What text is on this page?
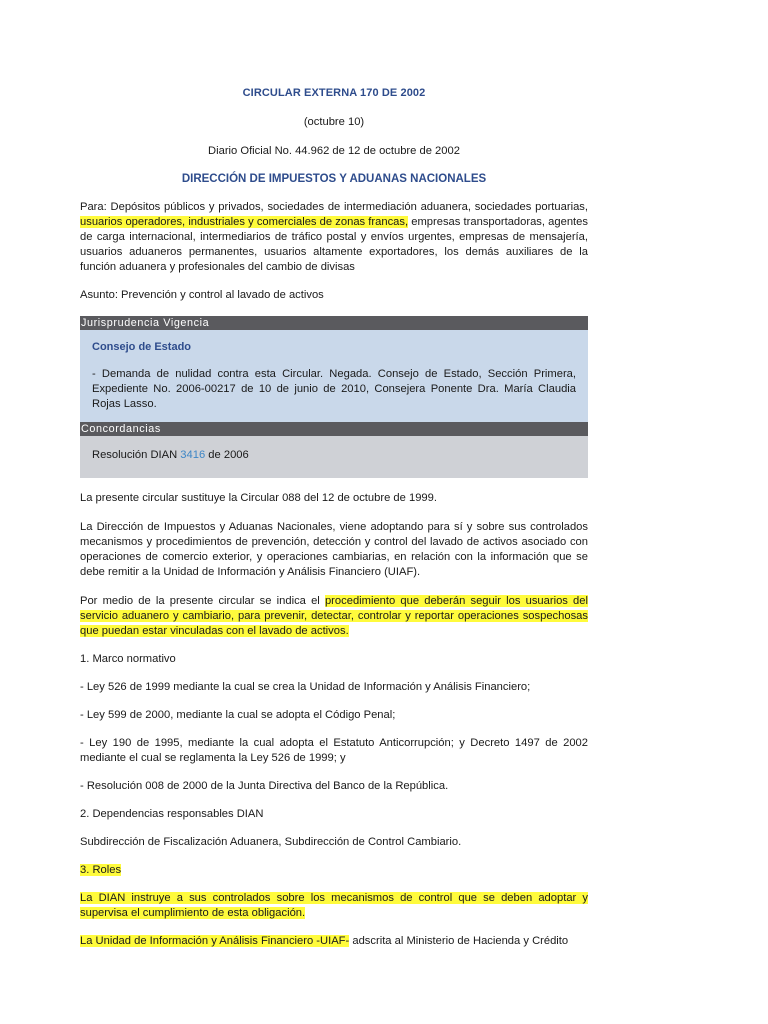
CIRCULAR EXTERNA 170 DE 2002

(octubre 10)

Diario Oficial No. 44.962 de 12 de octubre de 2002

DIRECCIÓN DE IMPUESTOS Y ADUANAS NACIONALES

Para: Depósitos públicos y privados, sociedades de intermediación aduanera, sociedades portuarias, usuarios operadores, industriales y comerciales de zonas francas, empresas transportadoras, agentes de carga internacional, intermediarios de tráfico postal y envíos urgentes, empresas de mensajería, usuarios aduaneros permanentes, usuarios altamente exportadores, los demás auxiliares de la función aduanera y profesionales del cambio de divisas

Asunto: Prevención y control al lavado de activos

Jurisprudencia Vigencia

Consejo de Estado

- Demanda de nulidad contra esta Circular. Negada. Consejo de Estado, Sección Primera, Expediente No. 2006-00217 de 10 de junio de 2010, Consejera Ponente Dra. María Claudia Rojas Lasso.

Concordancias

Resolución DIAN 3416 de 2006

La presente circular sustituye la Circular 088 del 12 de octubre de 1999.

La Dirección de Impuestos y Aduanas Nacionales, viene adoptando para sí y sobre sus controlados mecanismos y procedimientos de prevención, detección y control del lavado de activos asociado con operaciones de comercio exterior, y operaciones cambiarias, en relación con la información que se debe remitir a la Unidad de Información y Análisis Financiero (UIAF).

Por medio de la presente circular se indica el procedimiento que deberán seguir los usuarios del servicio aduanero y cambiario, para prevenir, detectar, controlar y reportar operaciones sospechosas que puedan estar vinculadas con el lavado de activos.

1. Marco normativo

- Ley 526 de 1999 mediante la cual se crea la Unidad de Información y Análisis Financiero;

- Ley 599 de 2000, mediante la cual se adopta el Código Penal;

- Ley 190 de 1995, mediante la cual adopta el Estatuto Anticorrupción; y Decreto 1497 de 2002 mediante el cual se reglamenta la Ley 526 de 1999; y

- Resolución 008 de 2000 de la Junta Directiva del Banco de la República.

2. Dependencias responsables DIAN

Subdirección de Fiscalización Aduanera, Subdirección de Control Cambiario.

3. Roles

La DIAN instruye a sus controlados sobre los mecanismos de control que se deben adoptar y supervisa el cumplimiento de esta obligación.

La Unidad de Información y Análisis Financiero -UIAF- adscrita al Ministerio de Hacienda y Crédito
